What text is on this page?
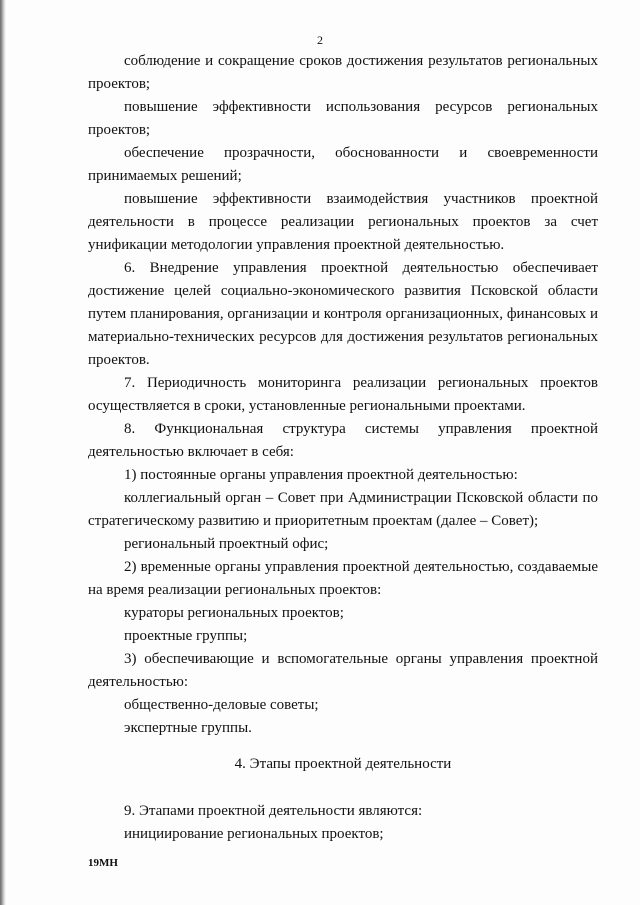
2

соблюдение и сокращение сроков достижения результатов региональных проектов;

повышение эффективности использования ресурсов региональных проектов;

обеспечение прозрачности, обоснованности и своевременности принимаемых решений;

повышение эффективности взаимодействия участников проектной деятельности в процессе реализации региональных проектов за счет унификации методологии управления проектной деятельностью.

6. Внедрение управления проектной деятельностью обеспечивает достижение целей социально-экономического развития Псковской области путем планирования, организации и контроля организационных, финансовых и материально-технических ресурсов для достижения результатов региональных проектов.

7. Периодичность мониторинга реализации региональных проектов осуществляется в сроки, установленные региональными проектами.

8. Функциональная структура системы управления проектной деятельностью включает в себя:

1) постоянные органы управления проектной деятельностью:

коллегиальный орган – Совет при Администрации Псковской области по стратегическому развитию и приоритетным проектам (далее – Совет);

региональный проектный офис;

2) временные органы управления проектной деятельностью, создаваемые на время реализации региональных проектов:

кураторы региональных проектов;

проектные группы;

3) обеспечивающие и вспомогательные органы управления проектной деятельностью:

общественно-деловые советы;

экспертные группы.

4. Этапы проектной деятельности

9. Этапами проектной деятельности являются:

инициирование региональных проектов;

19МН
